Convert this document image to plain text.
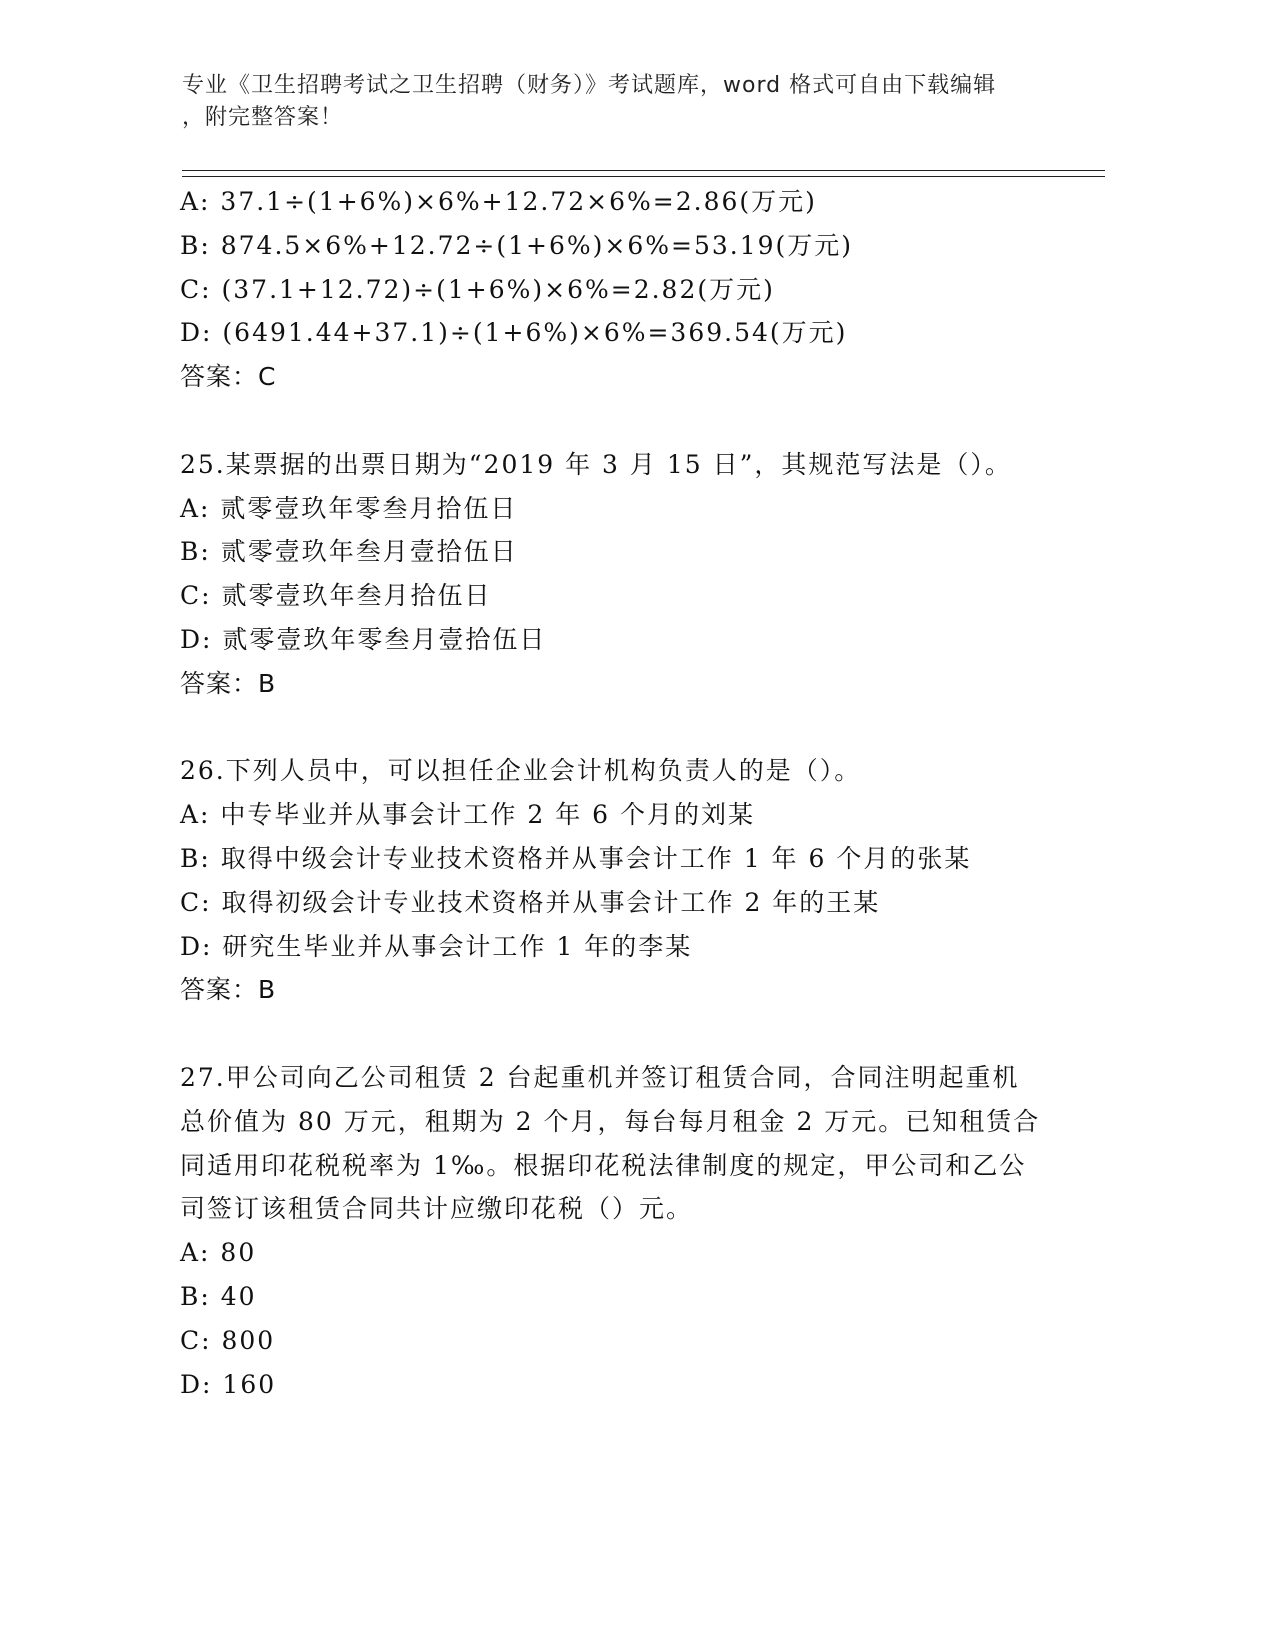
专业《卫生招聘考试之卫生招聘（财务）》考试题库，word 格式可自由下载编辑
，附完整答案！
A: 37.1÷(1+6%)×6%+12.72×6%=2.86(万元)
B: 874.5×6%+12.72÷(1+6%)×6%=53.19(万元)
C: (37.1+12.72)÷(1+6%)×6%=2.82(万元)
D: (6491.44+37.1)÷(1+6%)×6%=369.54(万元)
答案：C
25.某票据的出票日期为“2019 年 3 月 15 日”，其规范写法是（）。
A: 贰零壹玖年零叁月拾伍日
B: 贰零壹玖年叁月壹拾伍日
C: 贰零壹玖年叁月拾伍日
D: 贰零壹玖年零叁月壹拾伍日
答案：B
26.下列人员中，可以担任企业会计机构负责人的是（）。
A: 中专毕业并从事会计工作 2 年 6 个月的刘某
B: 取得中级会计专业技术资格并从事会计工作 1 年 6 个月的张某
C: 取得初级会计专业技术资格并从事会计工作 2 年的王某
D: 研究生毕业并从事会计工作 1 年的李某
答案：B
27.甲公司向乙公司租赁 2 台起重机并签订租赁合同，合同注明起重机
总价值为 80 万元，租期为 2 个月，每台每月租金 2 万元。已知租赁合
同适用印花税税率为 1‰。根据印花税法律制度的规定，甲公司和乙公
司签订该租赁合同共计应缴印花税（）元。
A: 80
B: 40
C: 800
D: 160
